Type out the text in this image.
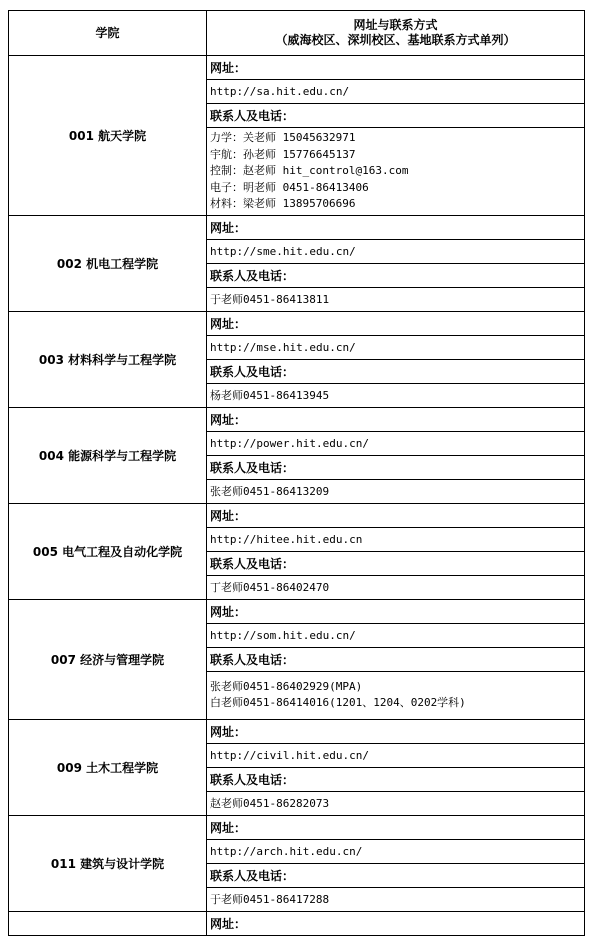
学院	网址与联系方式
（威海校区、深圳校区、基地联系方式单列）

001 航天学院	网址：
	http://sa.hit.edu.cn/
	联系人及电话：

	力学：关老师 15045632971
宇航：孙老师 15776645137
控制：赵老师 hit_control@163.com
电子：明老师 0451-86413406
材料：梁老师 13895706696

002 机电工程学院	网址：
	http://sme.hit.edu.cn/
	联系人及电话：
	于老师0451-86413811
003 材料科学与工程学院	网址：
	http://mse.hit.edu.cn/
	联系人及电话：
	杨老师0451-86413945
004 能源科学与工程学院	网址：
	http://power.hit.edu.cn/
	联系人及电话：
	张老师0451-86413209
005 电气工程及自动化学院	网址：
	http://hitee.hit.edu.cn
	联系人及电话：
	丁老师0451-86402470
007 经济与管理学院	网址：
	http://som.hit.edu.cn/
	联系人及电话：

	张老师0451-86402929(MPA)
白老师0451-86414016(1201、1204、0202学科)

009 土木工程学院	网址：
	http://civil.hit.edu.cn/
	联系人及电话：
	赵老师0451-86282073
011 建筑与设计学院	网址：
	http://arch.hit.edu.cn/
	联系人及电话：
	于老师0451-86417288
	网址：
